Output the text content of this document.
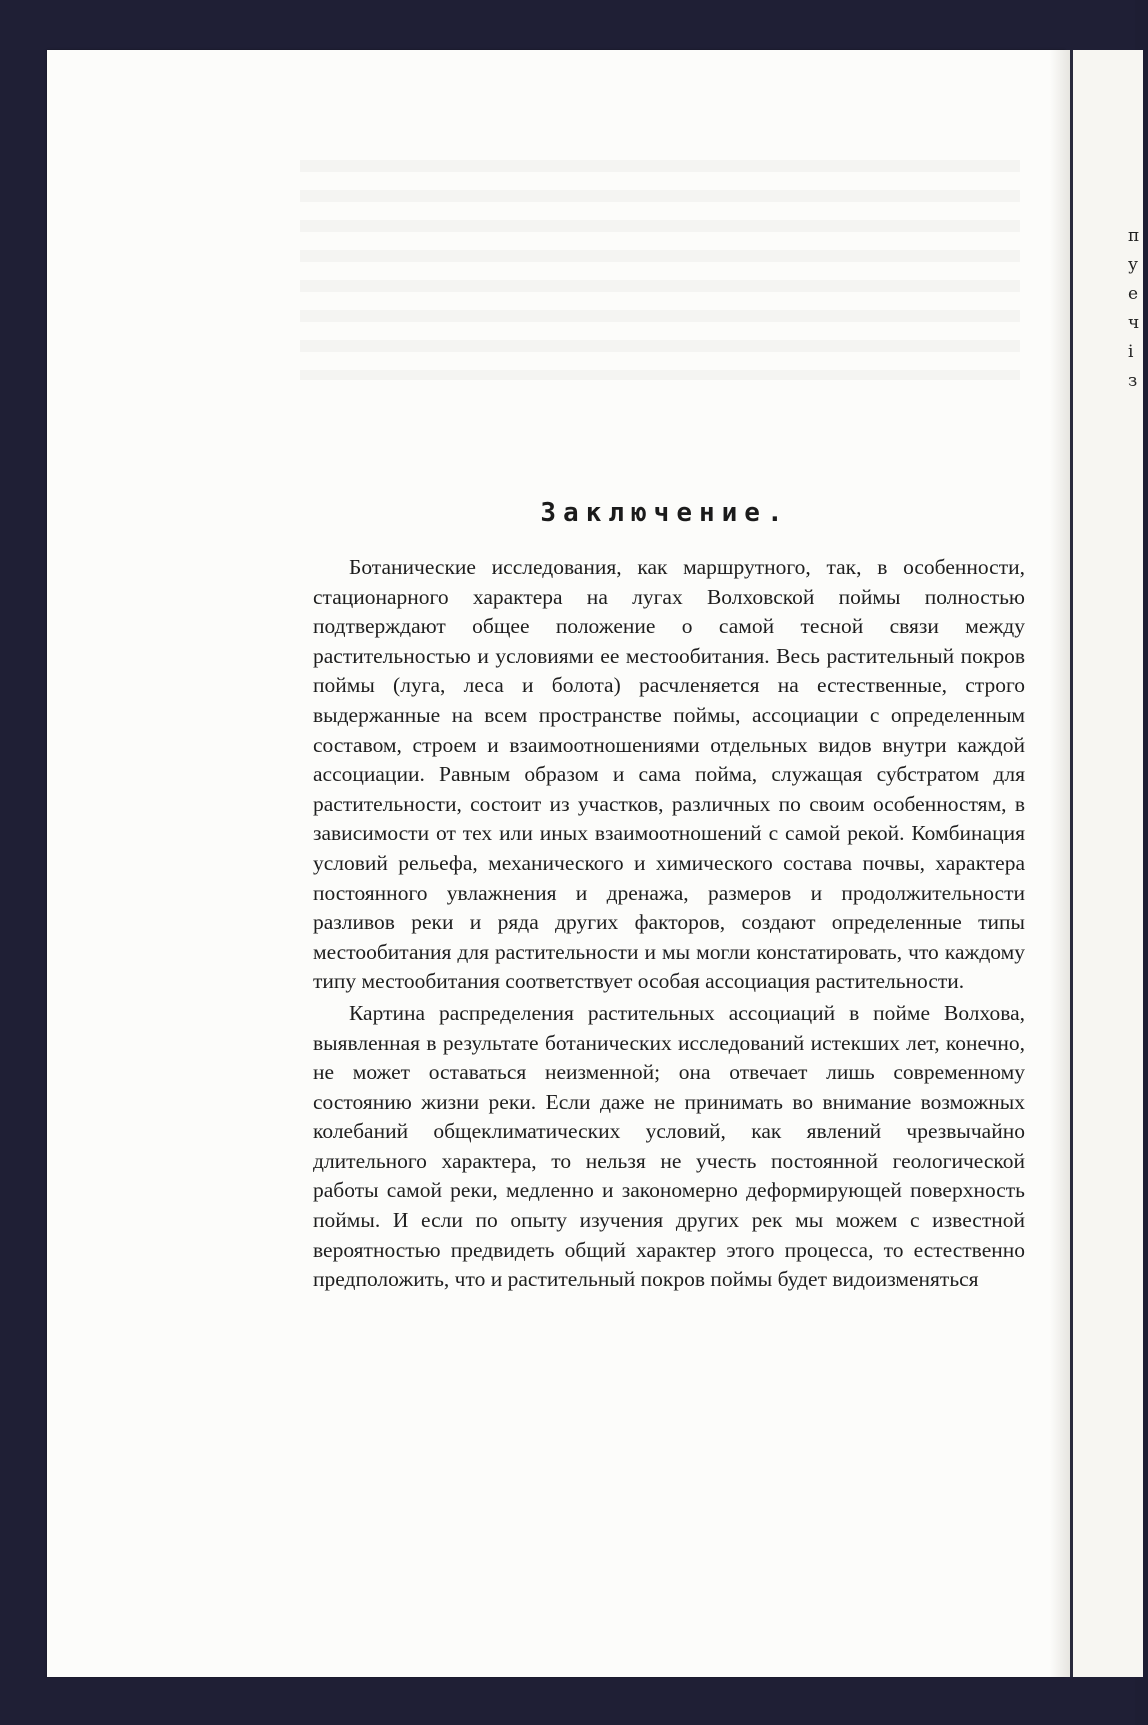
п
у
е
ч
і
з
Заключение.

Ботанические исследования, как маршрутного, так, в особенности, стационарного характера на лугах Волховской поймы полностью подтверждают общее положение о самой тесной связи между растительностью и условиями ее местообитания. Весь растительный покров поймы (луга, леса и болота) расчленяется на естественные, строго выдержанные на всем пространстве поймы, ассоциации с определенным составом, строем и взаимоотношениями отдельных видов внутри каждой ассоциации. Равным образом и сама пойма, служащая субстратом для растительности, состоит из участков, различных по своим особенностям, в зависимости от тех или иных взаимоотношений с самой рекой. Комбинация условий рельефа, механического и химического состава почвы, характера постоянного увлажнения и дренажа, размеров и продолжительности разливов реки и ряда других факторов, создают определенные типы местообитания для растительности и мы могли констатировать, что каждому типу местообитания соответствует особая ассоциация растительности.

Картина распределения растительных ассоциаций в пойме Волхова, выявленная в результате ботанических исследований истекших лет, конечно, не может оставаться неизменной; она отвечает лишь современному состоянию жизни реки. Если даже не принимать во внимание возможных колебаний общеклиматических условий, как явлений чрезвычайно длительного характера, то нельзя не учесть постоянной геологической работы самой реки, медленно и закономерно деформирующей поверхность поймы. И если по опыту изучения других рек мы можем с известной вероятностью предвидеть общий характер этого процесса, то естественно предположить, что и растительный покров поймы будет видоизменяться
